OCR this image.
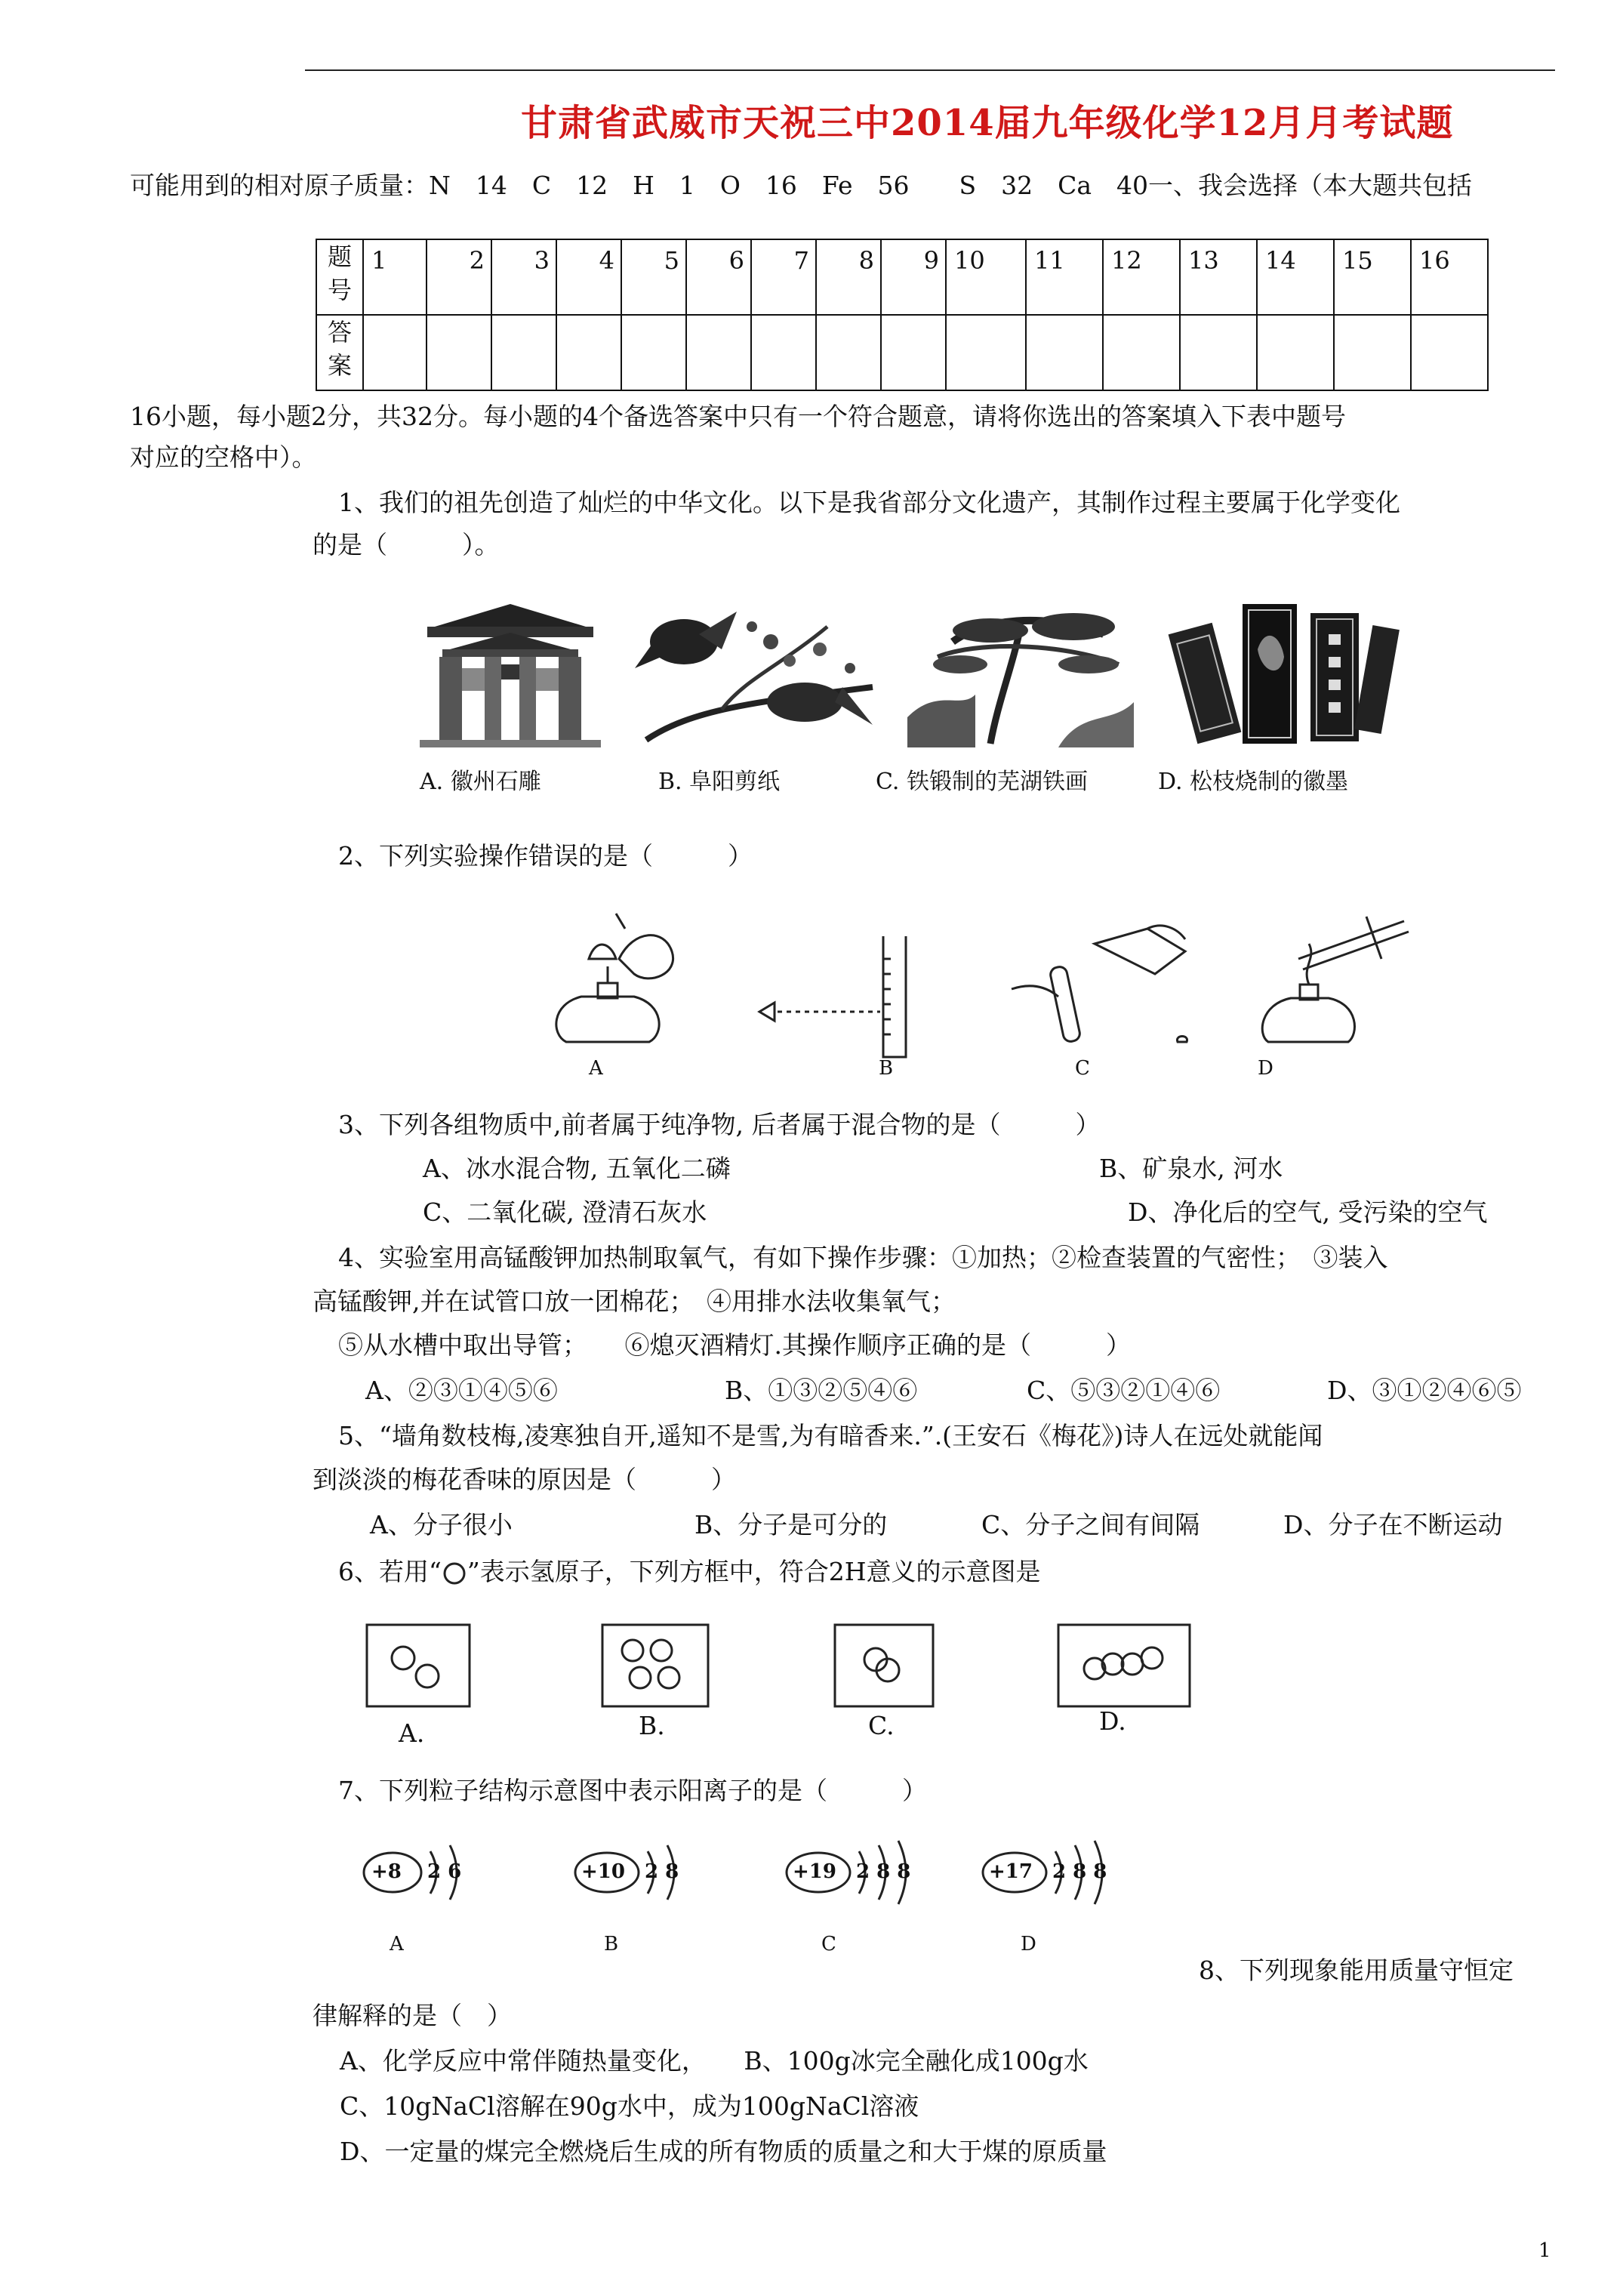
甘肃省武威市天祝三中2014届九年级化学12月月考试题
可能用到的相对原子质量：N　14　C　12　H　1　O　16　Fe　56　　S　32　Ca　40一、我会选择（本大题共包括
题
号	1	2	3	4	5	6	7	8	9	10	11	12	13	14	15	16

答
案																
16小题，每小题2分，共32分。每小题的4个备选答案中只有一个符合题意，请将你选出的答案填入下表中题号
对应的空格中）。
1、我们的祖先创造了灿烂的中华文化。以下是我省部分文化遗产，其制作过程主要属于化学变化
的是（　　　）。
A. 徽州石雕	B. 阜阳剪纸	C. 铁锻制的芜湖铁画	D. 松枝烧制的徽墨
2、下列实验操作错误的是（　　　）
A	B	C	D
3、下列各组物质中,前者属于纯净物, 后者属于混合物的是（　　　）
A、冰水混合物, 五氧化二磷	B、矿泉水, 河水
C、二氧化碳, 澄清石灰水	D、净化后的空气, 受污染的空气
4、实验室用高锰酸钾加热制取氧气，有如下操作步骤：①加热；②检查装置的气密性；　③装入
高锰酸钾,并在试管口放一团棉花；　④用排水法收集氧气；
⑤从水槽中取出导管；　　⑥熄灭酒精灯.其操作顺序正确的是（　　　）
A、②③①④⑤⑥	B、①③②⑤④⑥	C、⑤③②①④⑥	D、③①②④⑥⑤
5、“墙角数枝梅,凌寒独自开,遥知不是雪,为有暗香来.”.(王安石《梅花》)诗人在远处就能闻
到淡淡的梅花香味的原因是（　　　）
A、分子很小	B、分子是可分的	C、分子之间有间隔	D、分子在不断运动
6、若用“ ”表示氢原子，下列方框中，符合2H意义的示意图是
A.	B.	C.	D.
7、下列粒子结构示意图中表示阳离子的是（　　　）
+8 2 6	+10 2 8	+19 2 8 8	+17 2 8 8
A	B	C	D
8、下列现象能用质量守恒定
律解释的是（　）
A、化学反应中常伴随热量变化，　　B、100g冰完全融化成100g水
C、10gNaCl溶解在90g水中，成为100gNaCl溶液
D、一定量的煤完全燃烧后生成的所有物质的质量之和大于煤的原质量
1
